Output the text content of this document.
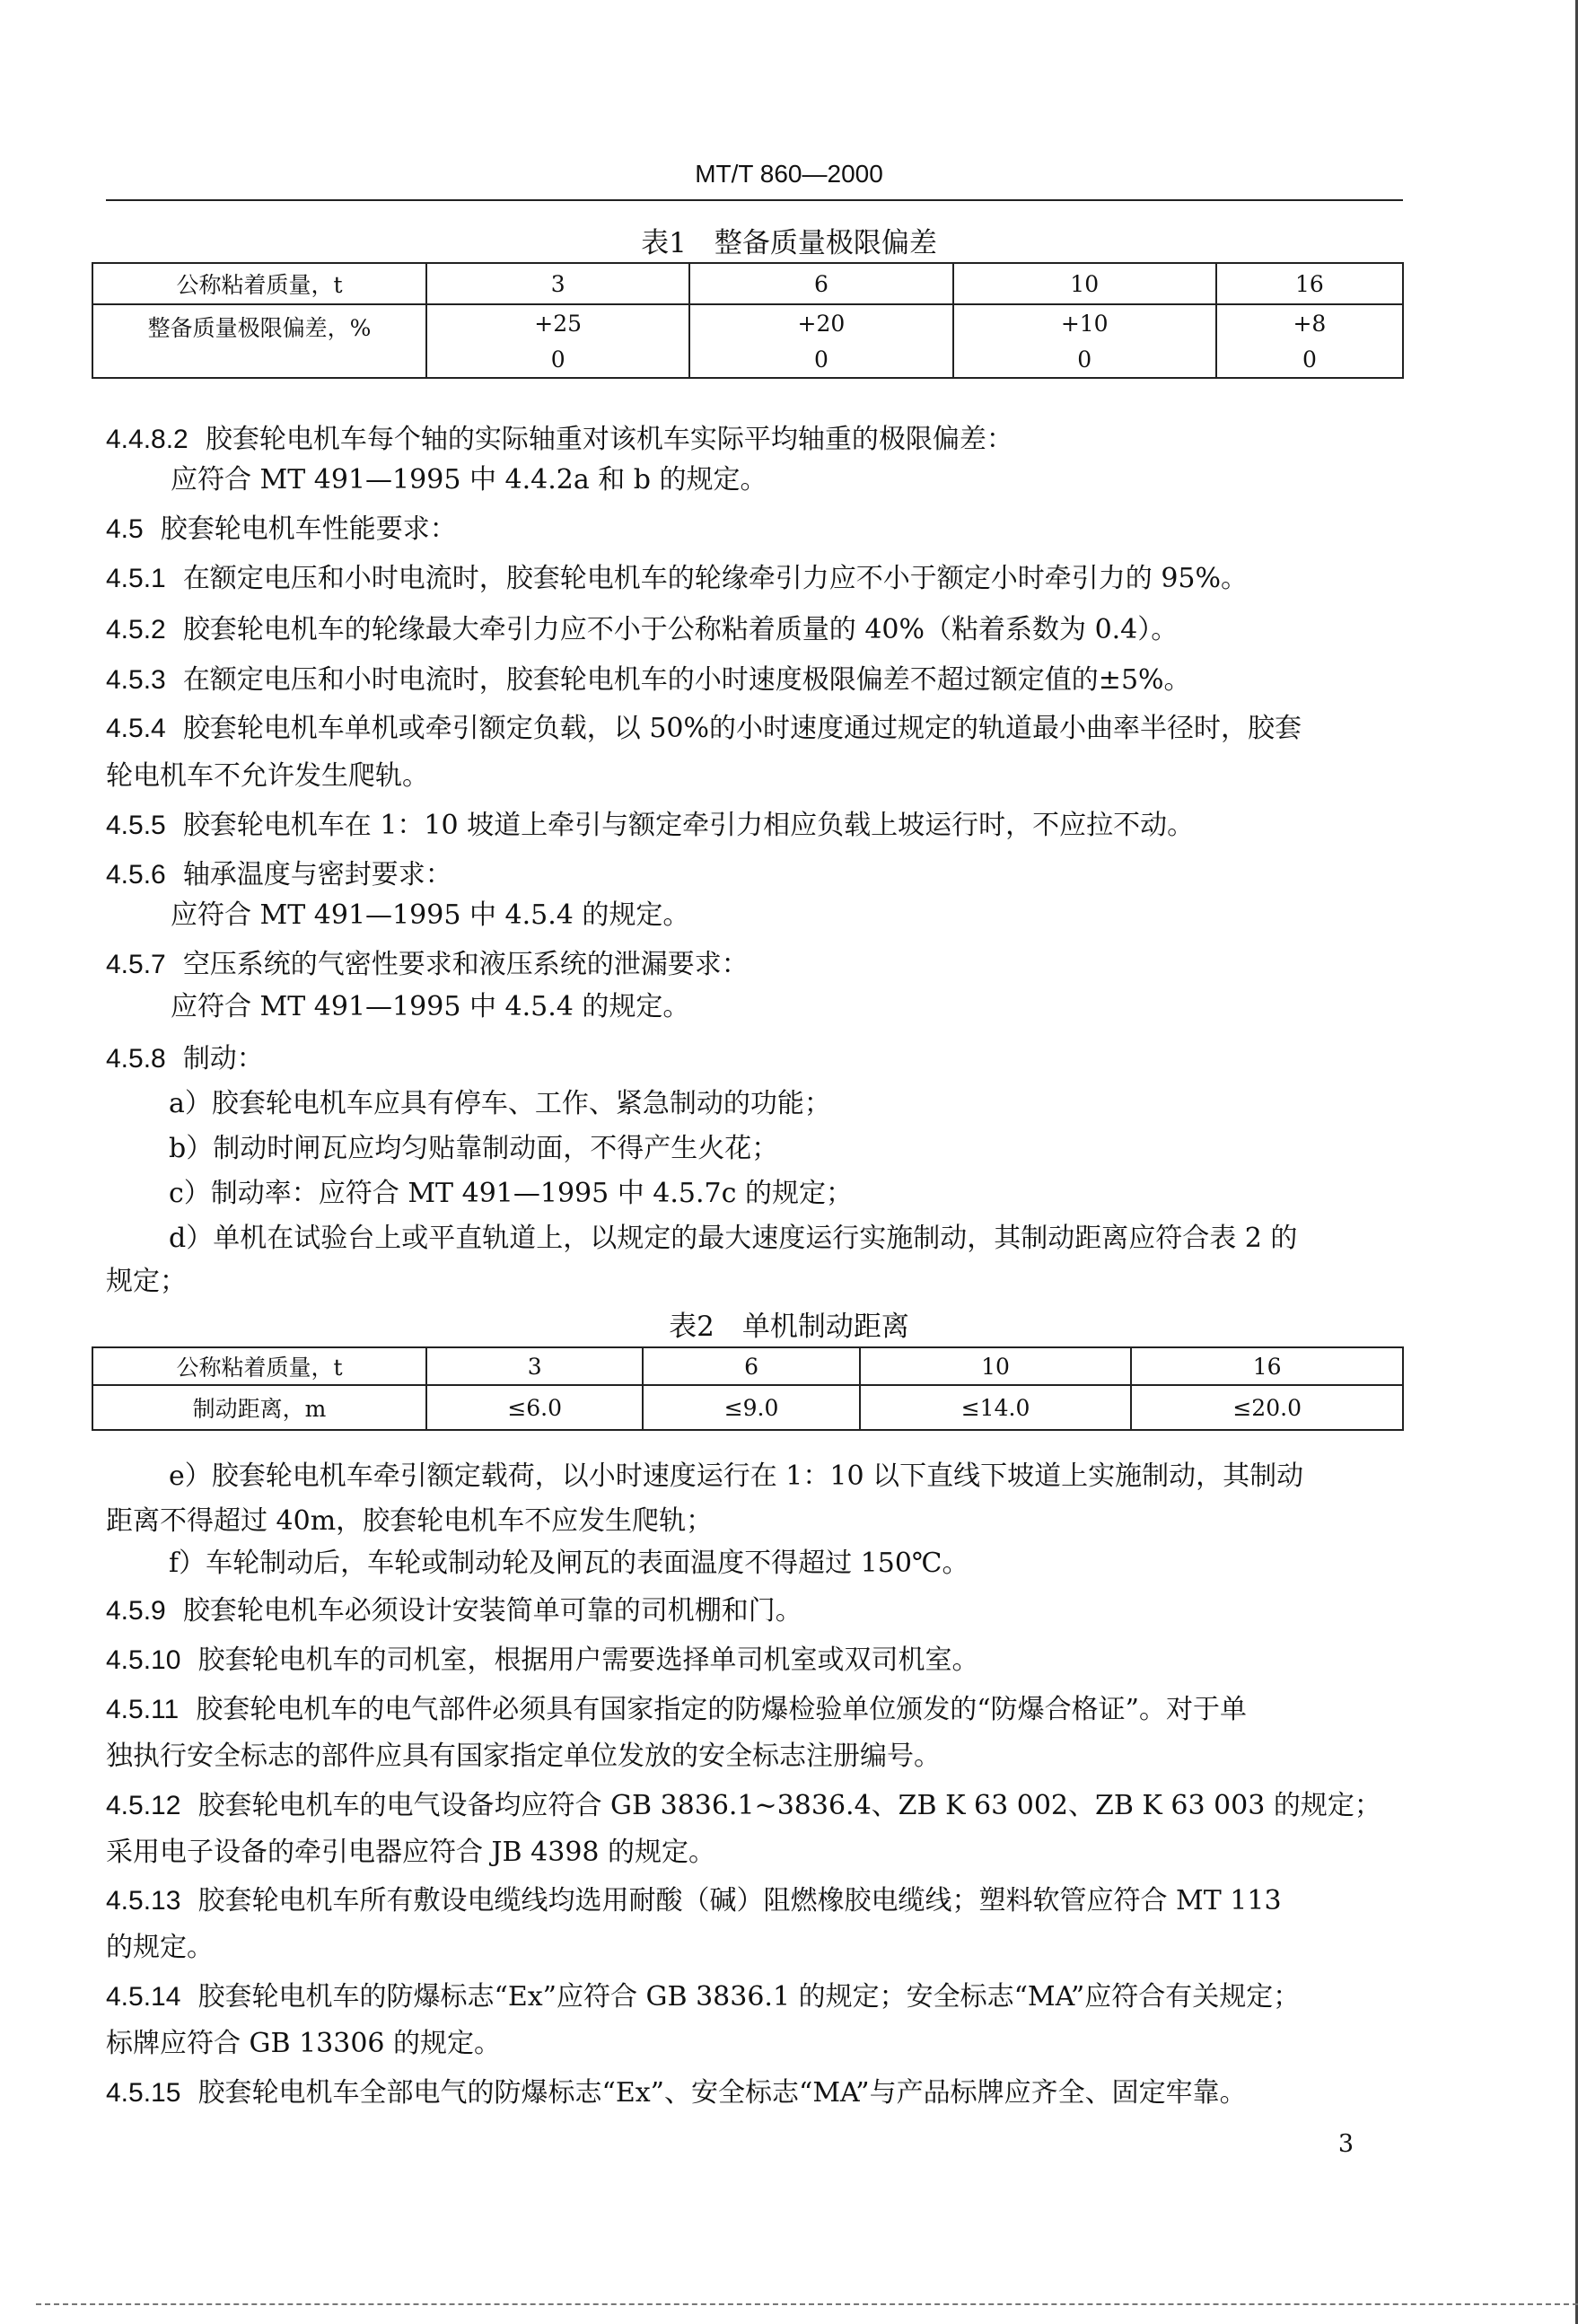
MT/T 860—2000
表1　整备质量极限偏差
公称粘着质量，t	3	6	10	16
整备质量极限偏差，%	+25	+20	+10	+8
	0	0	0	0
4.4.8.2 胶套轮电机车每个轴的实际轴重对该机车实际平均轴重的极限偏差：
应符合 MT 491—1995 中 4.4.2a 和 b 的规定。
4.5 胶套轮电机车性能要求：
4.5.1 在额定电压和小时电流时，胶套轮电机车的轮缘牵引力应不小于额定小时牵引力的 95%。
4.5.2 胶套轮电机车的轮缘最大牵引力应不小于公称粘着质量的 40%（粘着系数为 0.4）。
4.5.3 在额定电压和小时电流时，胶套轮电机车的小时速度极限偏差不超过额定值的±5%。
4.5.4 胶套轮电机车单机或牵引额定负载，以 50%的小时速度通过规定的轨道最小曲率半径时，胶套
轮电机车不允许发生爬轨。
4.5.5 胶套轮电机车在 1：10 坡道上牵引与额定牵引力相应负载上坡运行时，不应拉不动。
4.5.6 轴承温度与密封要求：
应符合 MT 491—1995 中 4.5.4 的规定。
4.5.7 空压系统的气密性要求和液压系统的泄漏要求：
应符合 MT 491—1995 中 4.5.4 的规定。
4.5.8 制动：
a）胶套轮电机车应具有停车、工作、紧急制动的功能；
b）制动时闸瓦应均匀贴靠制动面，不得产生火花；
c）制动率：应符合 MT 491—1995 中 4.5.7c 的规定；
d）单机在试验台上或平直轨道上，以规定的最大速度运行实施制动，其制动距离应符合表 2 的
规定；
表2　单机制动距离
公称粘着质量，t	3	6	10	16
制动距离，m	≤6.0	≤9.0	≤14.0	≤20.0
e）胶套轮电机车牵引额定载荷，以小时速度运行在 1：10 以下直线下坡道上实施制动，其制动
距离不得超过 40m，胶套轮电机车不应发生爬轨；
f）车轮制动后，车轮或制动轮及闸瓦的表面温度不得超过 150℃。
4.5.9 胶套轮电机车必须设计安装简单可靠的司机棚和门。
4.5.10 胶套轮电机车的司机室，根据用户需要选择单司机室或双司机室。
4.5.11 胶套轮电机车的电气部件必须具有国家指定的防爆检验单位颁发的“防爆合格证”。对于单
独执行安全标志的部件应具有国家指定单位发放的安全标志注册编号。
4.5.12 胶套轮电机车的电气设备均应符合 GB 3836.1~3836.4、ZB K 63 002、ZB K 63 003 的规定；
采用电子设备的牵引电器应符合 JB 4398 的规定。
4.5.13 胶套轮电机车所有敷设电缆线均选用耐酸（碱）阻燃橡胶电缆线；塑料软管应符合 MT 113
的规定。
4.5.14 胶套轮电机车的防爆标志“Ex”应符合 GB 3836.1 的规定；安全标志“MA”应符合有关规定；
标牌应符合 GB 13306 的规定。
4.5.15 胶套轮电机车全部电气的防爆标志“Ex”、安全标志“MA”与产品标牌应齐全、固定牢靠。
3
